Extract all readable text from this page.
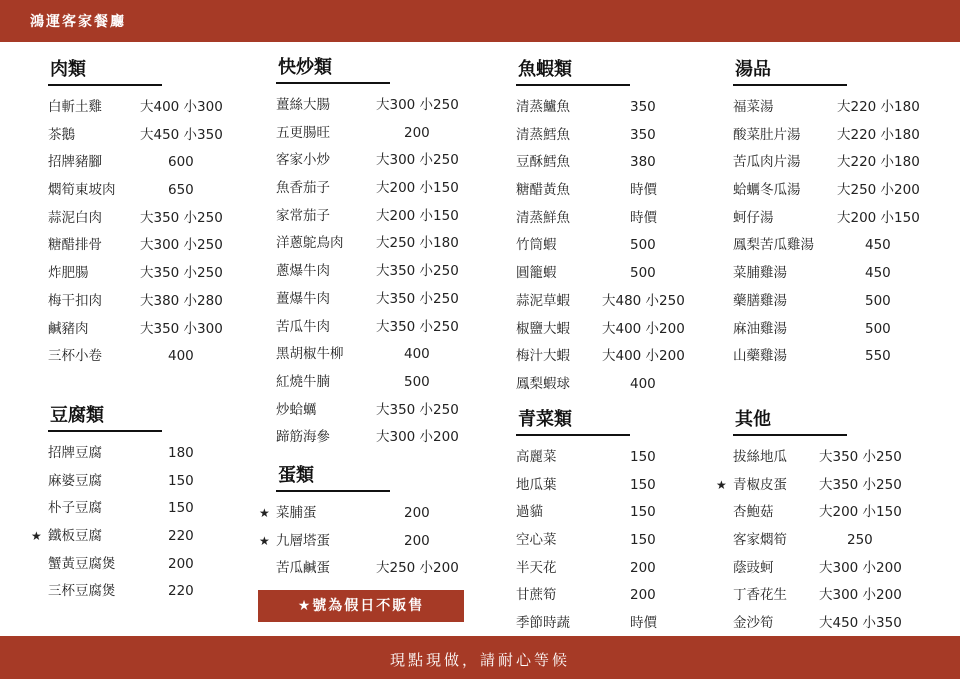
鴻運客家餐廳
肉類
白斬土雞	大400 小300
茶鵝	大450 小350
招牌豬腳	600
燜筍東坡肉	650
蒜泥白肉	大350 小250
糖醋排骨	大300 小250
炸肥腸	大350 小250
梅干扣肉	大380 小280
鹹豬肉	大350 小300
三杯小卷	400
豆腐類
招牌豆腐	180
麻婆豆腐	150
朴子豆腐	150
★ 鐵板豆腐	220
蟹黃豆腐煲	200
三杯豆腐煲	220
快炒類
薑絲大腸	大300 小250
五更腸旺	200
客家小炒	大300 小250
魚香茄子	大200 小150
家常茄子	大200 小150
洋蔥鴕鳥肉 大250 小180
蔥爆牛肉	大350 小250
薑爆牛肉	大350 小250
苦瓜牛肉	大350 小250
黑胡椒牛柳	400
紅燒牛腩	500
炒蛤蠣	大350 小250
蹄筋海參	大300 小200
蛋類
★ 菜脯蛋	200
★ 九層塔蛋	200
苦瓜鹹蛋	大250 小200
★號為假日不販售
魚蝦類
清蒸鱸魚	350
清蒸鱈魚	350
豆酥鱈魚	380
糖醋黃魚	時價
清蒸鮮魚	時價
竹筒蝦	500
圓籠蝦	500
蒜泥草蝦 大480 小250
椒鹽大蝦 大400 小200
梅汁大蝦 大400 小200
鳳梨蝦球	400
青菜類
高麗菜	150
地瓜葉	150
過貓	150
空心菜	150
半天花	200
甘蔗筍	200
季節時蔬	時價
湯品
福菜湯	大220 小180
酸菜肚片湯	大220 小180
苦瓜肉片湯	大220 小180
蛤蠣冬瓜湯	大250 小200
蚵仔湯	大200 小150
鳳梨苦瓜雞湯	450
菜脯雞湯	450
藥膳雞湯	500
麻油雞湯	500
山藥雞湯	550
其他
拔絲地瓜 大350 小250
★ 青椒皮蛋 大350 小250
杏鮑菇	大200 小150
客家燜筍	250
蔭豉蚵	大300 小200
丁香花生 大300 小200
金沙筍	大450 小350
現點現做，請耐心等候
